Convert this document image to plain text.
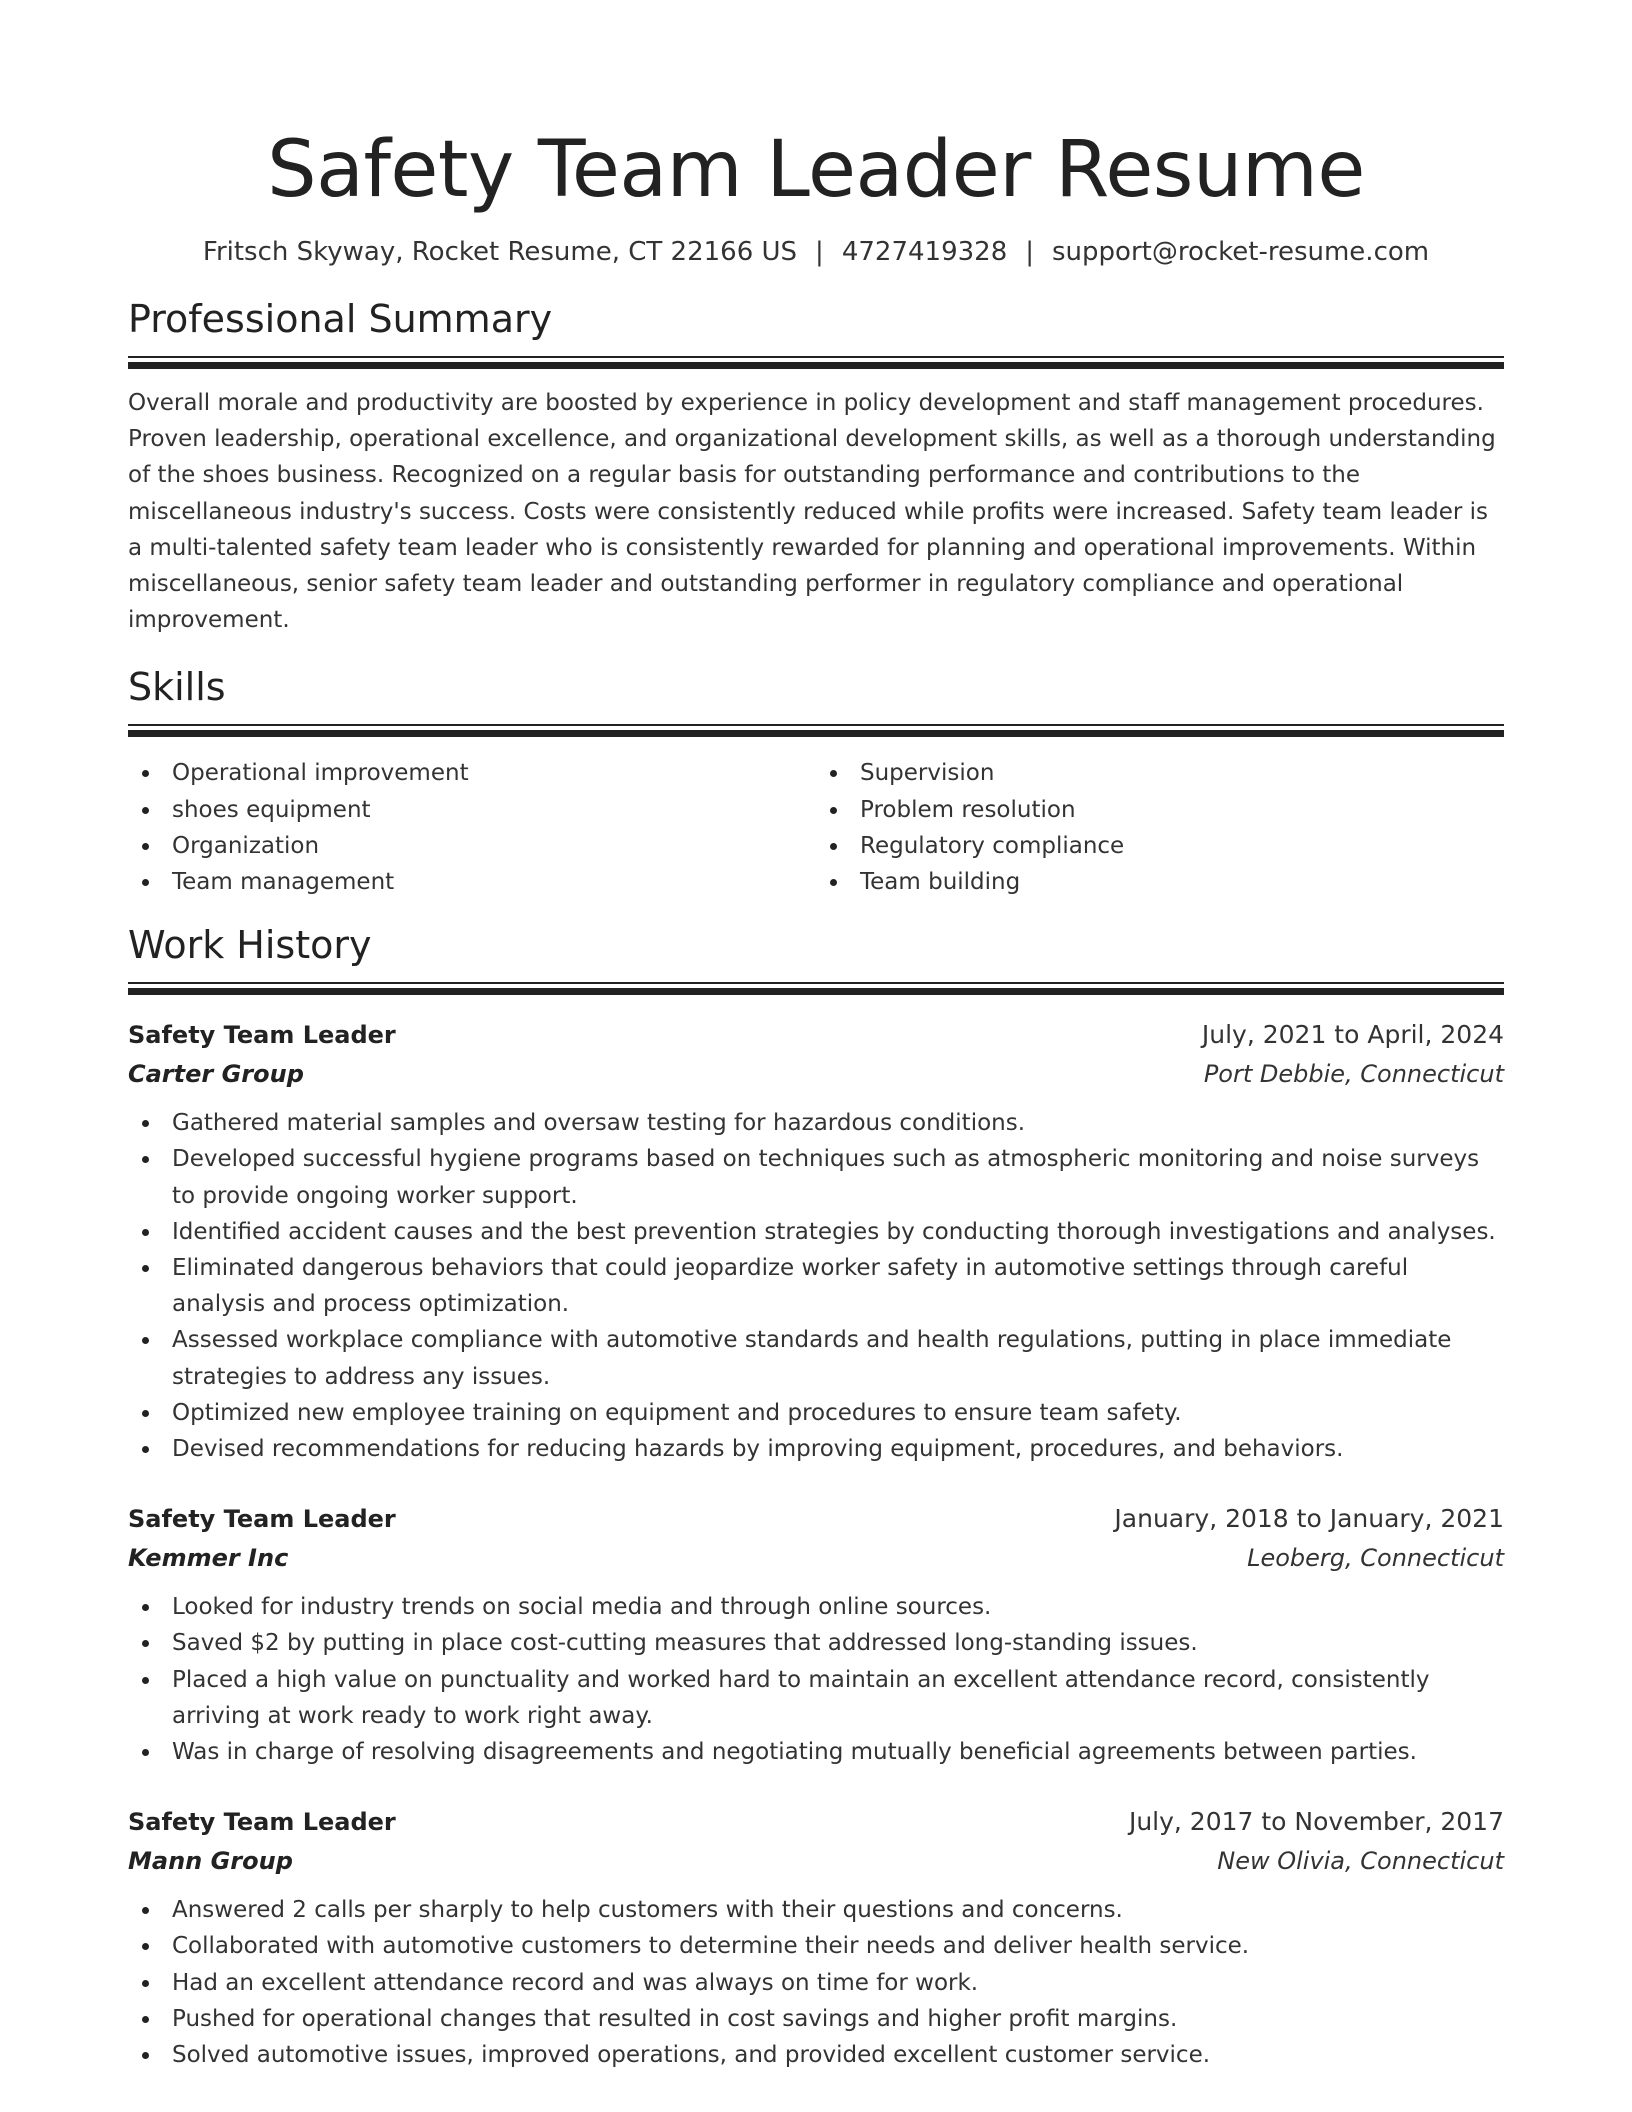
Safety Team Leader Resume
Fritsch Skyway, Rocket Resume, CT 22166 US | 4727419328 | support@rocket-resume.com
Professional Summary

Overall morale and productivity are boosted by experience in policy development and staff management procedures. Proven leadership, operational excellence, and organizational development skills, as well as a thorough understanding of the shoes business. Recognized on a regular basis for outstanding performance and contributions to the miscellaneous industry's success. Costs were consistently reduced while profits were increased. Safety team leader is a multi-talented safety team leader who is consistently rewarded for planning and operational improvements. Within miscellaneous, senior safety team leader and outstanding performer in regulatory compliance and operational improvement.

Skills
Operational improvement
shoes equipment
Organization
Team management
Supervision
Problem resolution
Regulatory compliance
Team building
Work History
Safety Team Leader	July, 2021 to April, 2024
Carter Group	Port Debbie, Connecticut
Gathered material samples and oversaw testing for hazardous conditions.
Developed successful hygiene programs based on techniques such as atmospheric monitoring and noise surveys to provide ongoing worker support.
Identified accident causes and the best prevention strategies by conducting thorough investigations and analyses.
Eliminated dangerous behaviors that could jeopardize worker safety in automotive settings through careful analysis and process optimization.
Assessed workplace compliance with automotive standards and health regulations, putting in place immediate strategies to address any issues.
Optimized new employee training on equipment and procedures to ensure team safety.
Devised recommendations for reducing hazards by improving equipment, procedures, and behaviors.
Safety Team Leader	January, 2018 to January, 2021
Kemmer Inc	Leoberg, Connecticut
Looked for industry trends on social media and through online sources.
Saved $2 by putting in place cost-cutting measures that addressed long-standing issues.
Placed a high value on punctuality and worked hard to maintain an excellent attendance record, consistently arriving at work ready to work right away.
Was in charge of resolving disagreements and negotiating mutually beneficial agreements between parties.
Safety Team Leader	July, 2017 to November, 2017
Mann Group	New Olivia, Connecticut
Answered 2 calls per sharply to help customers with their questions and concerns.
Collaborated with automotive customers to determine their needs and deliver health service.
Had an excellent attendance record and was always on time for work.
Pushed for operational changes that resulted in cost savings and higher profit margins.
Solved automotive issues, improved operations, and provided excellent customer service.
